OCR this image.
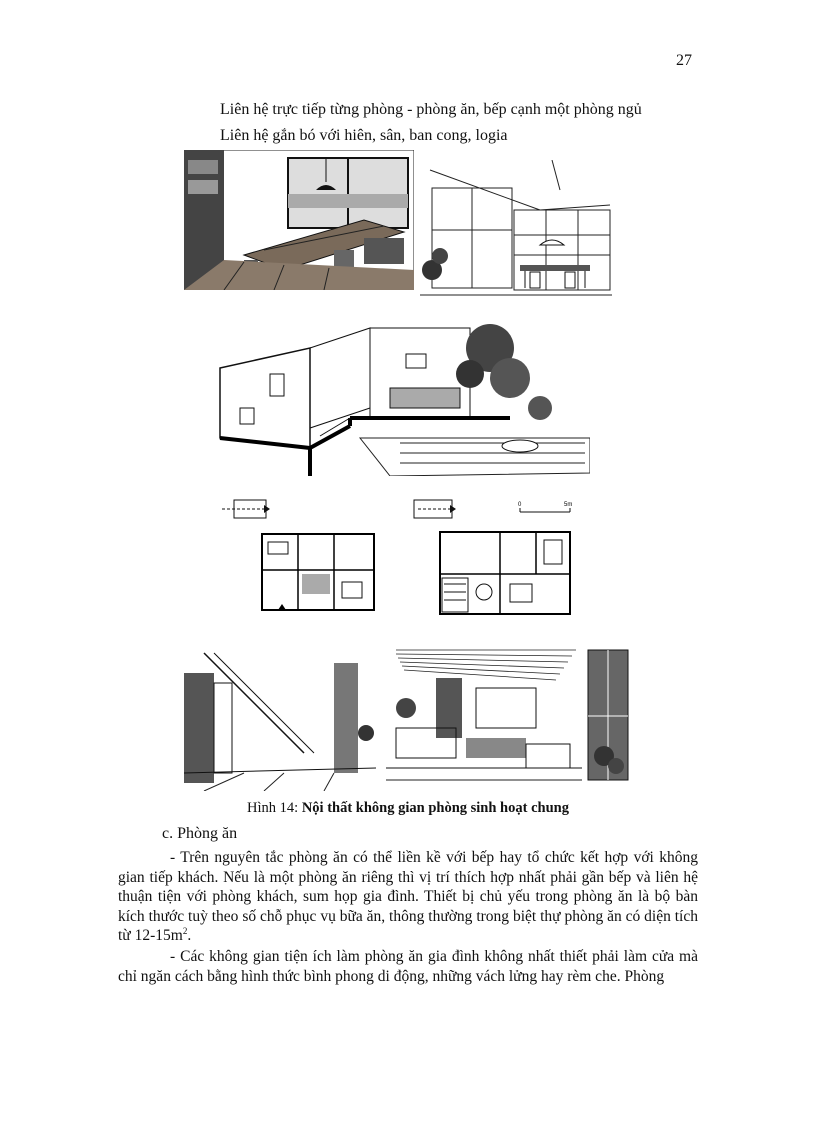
27
Liên hệ trực tiếp từng phòng - phòng ăn, bếp cạnh một phòng ngủ
Liên hệ gắn bó với hiên, sân, ban cong, logia
0	5m
Hình 14: Nội thất không gian phòng sinh hoạt chung
c. Phòng ăn

- Trên nguyên tắc phòng ăn có thể liền kề với bếp hay tổ chức kết hợp với không gian tiếp khách. Nếu là một phòng ăn riêng thì vị trí thích hợp nhất phải gần bếp và liên hệ thuận tiện với phòng khách, sum họp gia đình. Thiết bị chủ yếu trong phòng ăn là bộ bàn kích thước tuỳ theo số chỗ phục vụ bữa ăn, thông thường trong biệt thự phòng ăn có diện tích từ $12-15m^2$.

- Các không gian tiện ích làm phòng ăn gia đình không nhất thiết phải làm cửa mà chỉ ngăn cách bằng hình thức bình phong di động, những vách lửng hay rèm che. Phòng
